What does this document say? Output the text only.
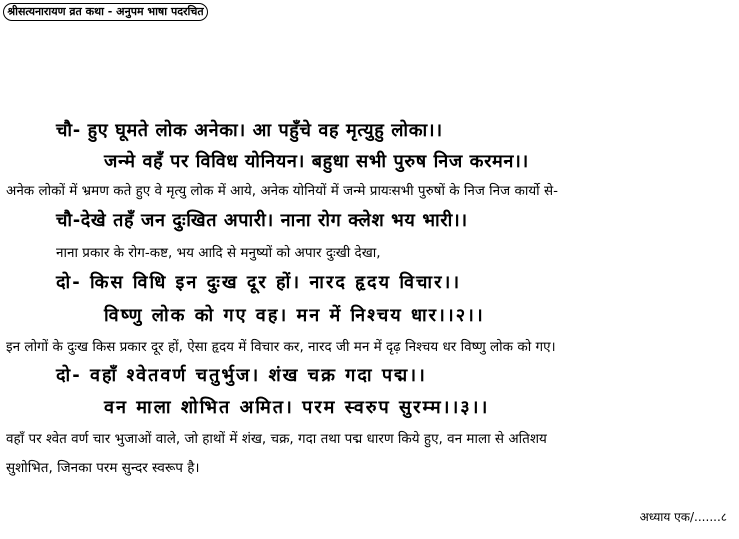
श्रीसत्यनारायण व्रत कथा - अनुपम भाषा पदरचित
चौ- हुए घूमते लोक अनेका। आ पहुँचे वह मृत्युहु लोका।।
जन्मे वहँ पर विविध योनियन। बहुधा सभी पुरुष निज करमन।।
अनेक लोकों में भ्रमण कते हुए वे मृत्यु लोक में आये, अनेक योनियों में जन्मे प्रायःसभी पुरुषों के निज निज कार्यो से-
चौ-देखे तहँ जन दुःखित अपारी। नाना रोग क्लेश भय भारी।।
नाना प्रकार के रोग-कष्ट, भय आदि से मनुष्यों को अपार दुःखी देखा,
दो- किस विधि इन दुःख दूर हों। नारद हृदय विचार।।
विष्णु लोक को गए वह। मन में निश्चय धार।।२।।
इन लोगों के दुःख किस प्रकार दूर हों, ऐसा हृदय में विचार कर, नारद जी मन में दृढ़ निश्चय धर विष्णु लोक को गए।
दो- वहाँ श्वेतवर्ण चतुर्भुज। शंख चक्र गदा पद्म।।
वन माला शोभित अमित। परम स्वरुप सुरम्म।।३।।
वहाँ पर श्वेत वर्ण चार भुजाओं वाले, जो हाथों में शंख, चक्र, गदा तथा पद्म धारण किये हुए, वन माला से अतिशय
सुशोभित, जिनका परम सुन्दर स्वरूप है।
अध्याय एक/.......८
